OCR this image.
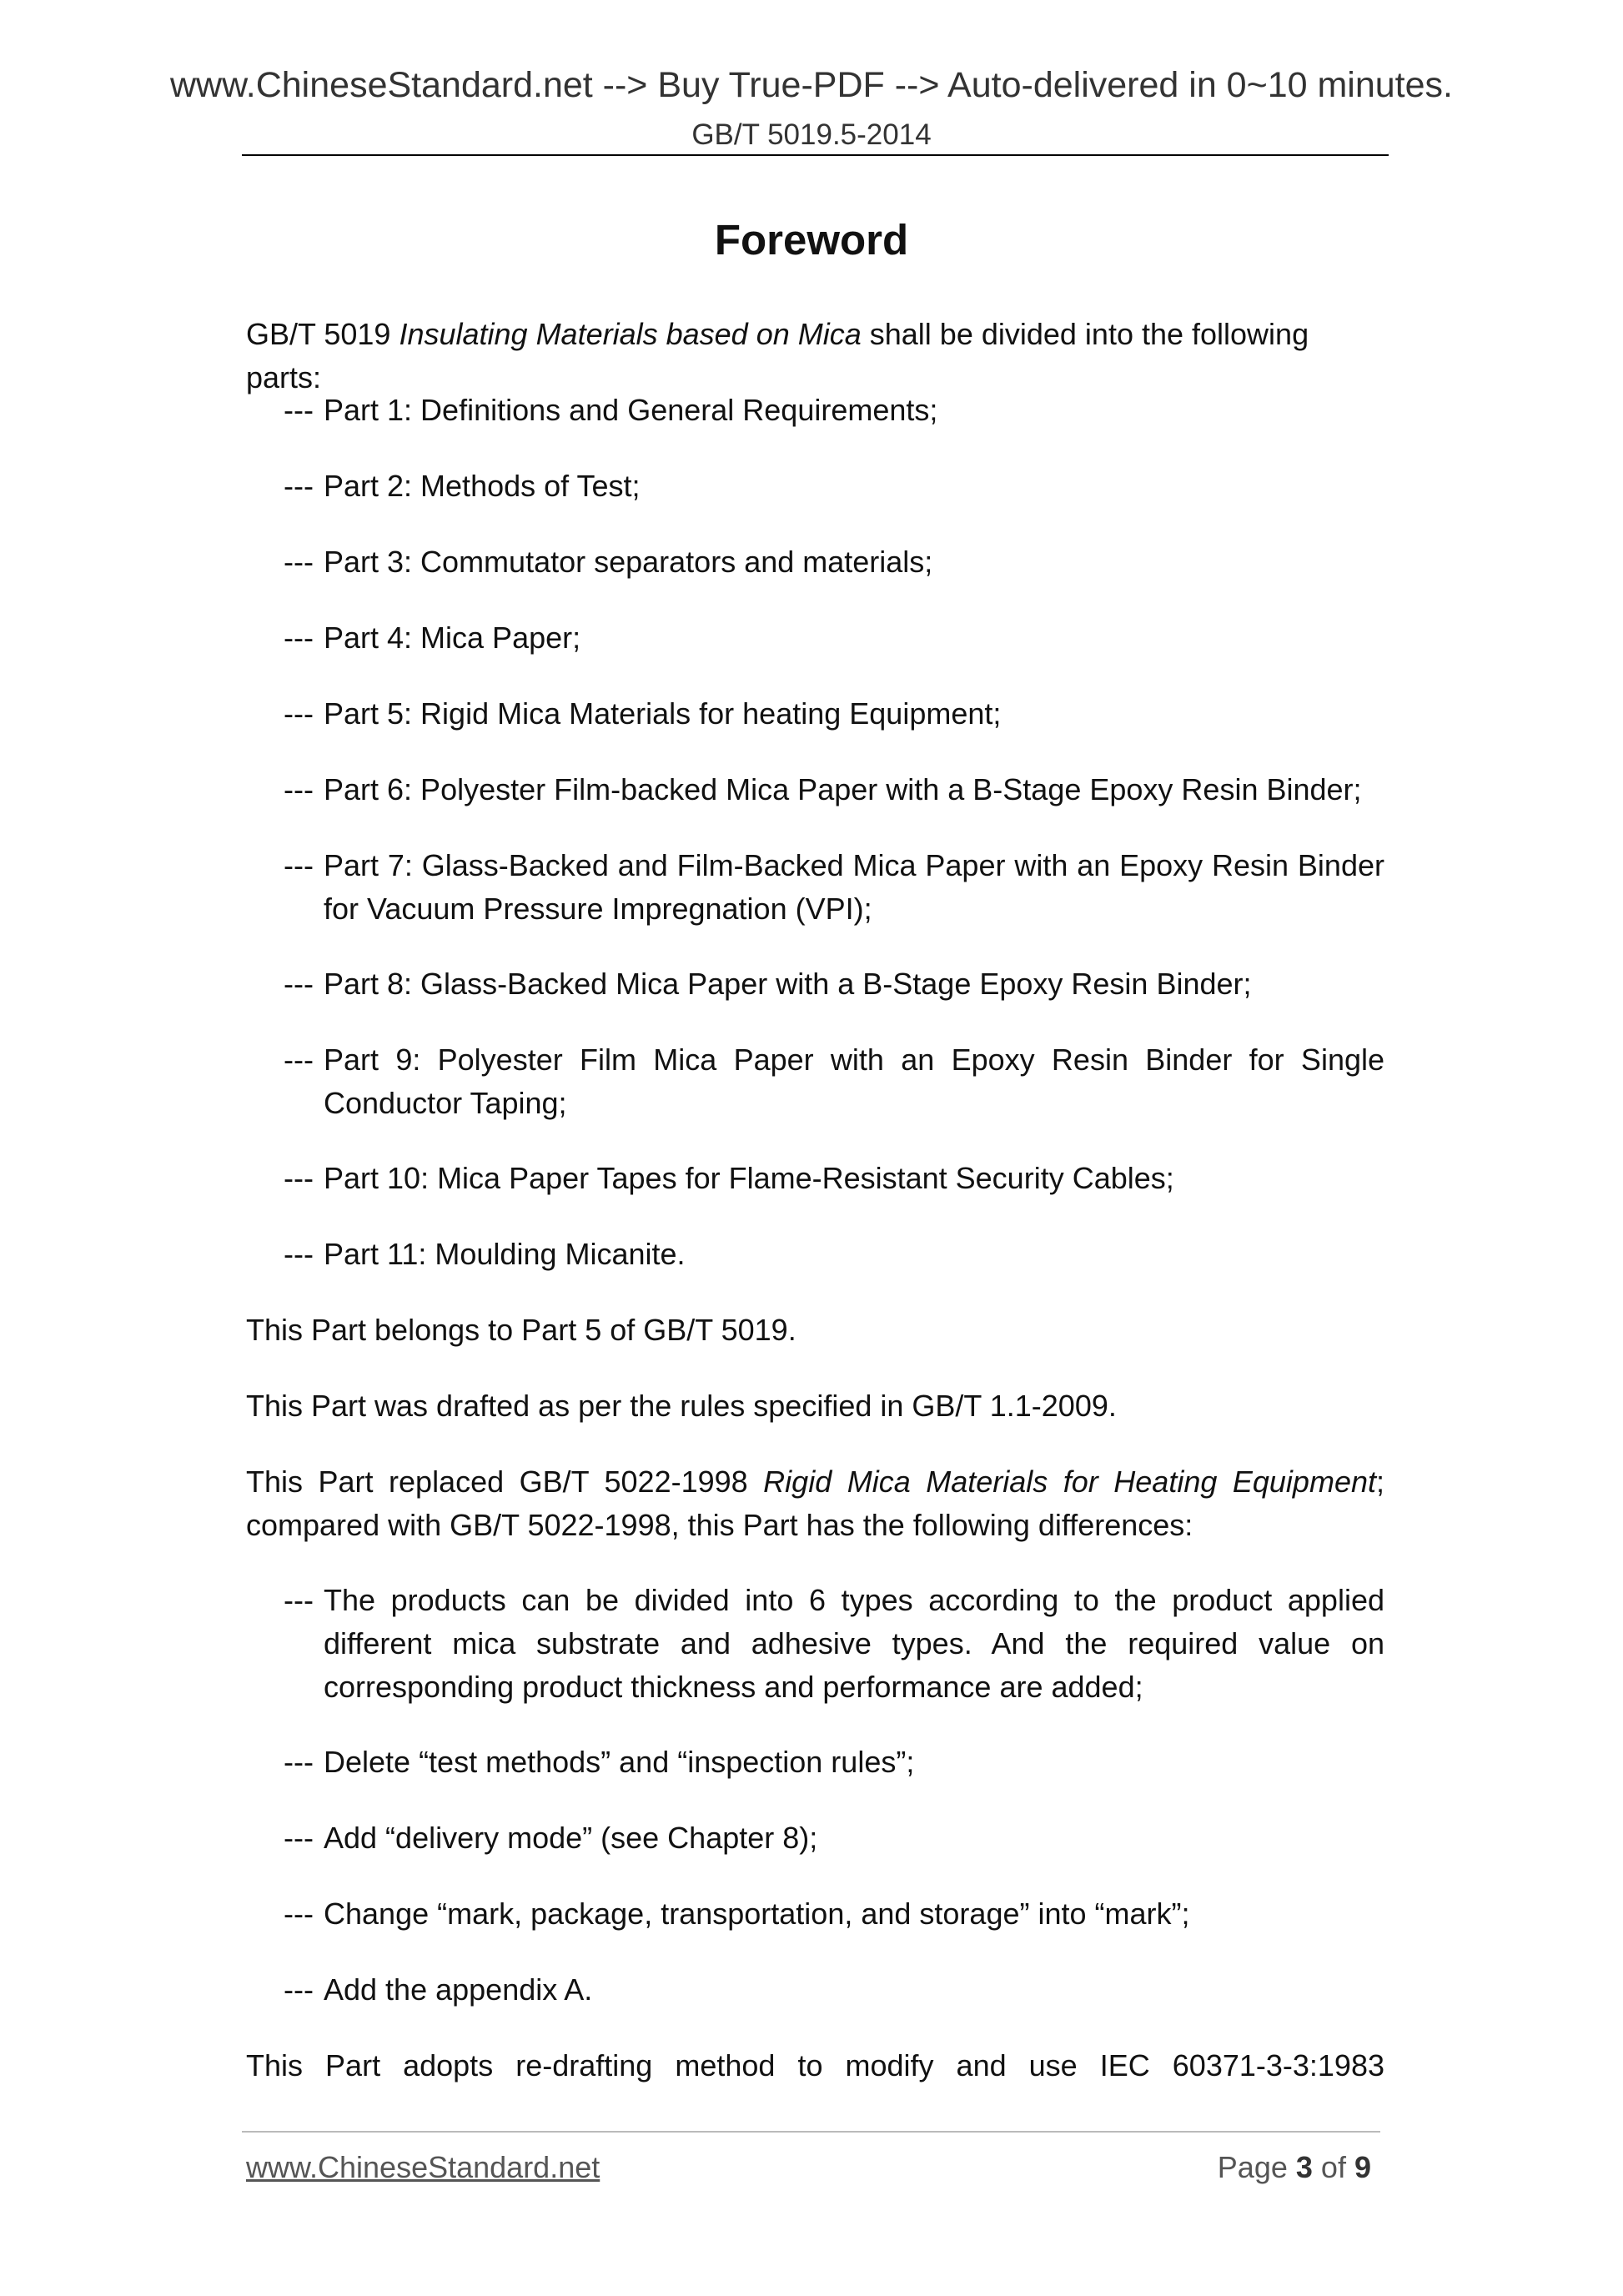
www.ChineseStandard.net --> Buy True-PDF --> Auto-delivered in 0~10 minutes.
GB/T 5019.5-2014
Foreword
GB/T 5019 Insulating Materials based on Mica shall be divided into the following parts:
--- Part 1: Definitions and General Requirements;
--- Part 2: Methods of Test;
--- Part 3: Commutator separators and materials;
--- Part 4: Mica Paper;
--- Part 5: Rigid Mica Materials for heating Equipment;
--- Part 6: Polyester Film-backed Mica Paper with a B-Stage Epoxy Resin Binder;
--- Part 7: Glass-Backed and Film-Backed Mica Paper with an Epoxy Resin Binder for Vacuum Pressure Impregnation (VPI);
--- Part 8: Glass-Backed Mica Paper with a B-Stage Epoxy Resin Binder;
--- Part 9: Polyester Film Mica Paper with an Epoxy Resin Binder for Single Conductor Taping;
--- Part 10: Mica Paper Tapes for Flame-Resistant Security Cables;
--- Part 11: Moulding Micanite.
This Part belongs to Part 5 of GB/T 5019.
This Part was drafted as per the rules specified in GB/T 1.1-2009.
This Part replaced GB/T 5022-1998 Rigid Mica Materials for Heating Equipment; compared with GB/T 5022-1998, this Part has the following differences:
--- The products can be divided into 6 types according to the product applied different mica substrate and adhesive types. And the required value on corresponding product thickness and performance are added;
--- Delete “test methods” and “inspection rules”;
--- Add “delivery mode” (see Chapter 8);
--- Change “mark, package, transportation, and storage” into “mark”;
--- Add the appendix A.
This Part adopts re-drafting method to modify and use IEC 60371-3-3:1983
www.ChineseStandard.net	Page 3 of 9
